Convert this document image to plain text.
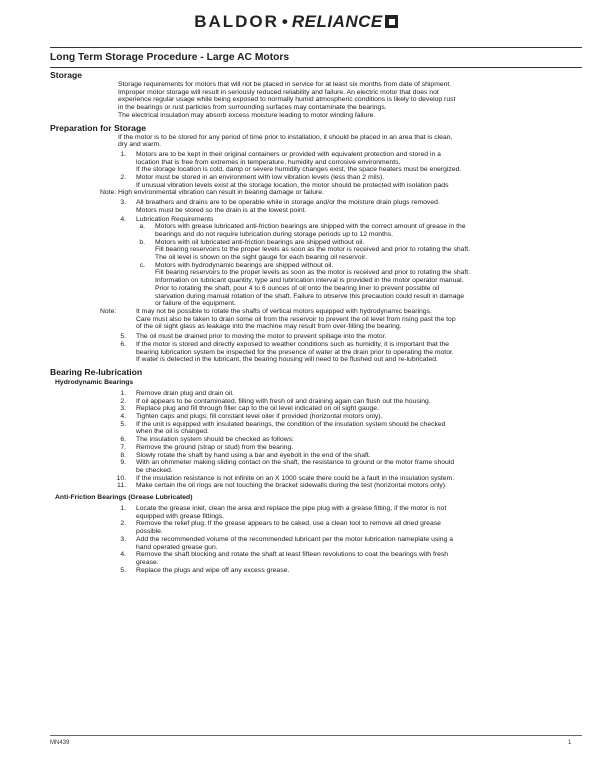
BALDOR • RELIANCE
Long Term Storage Procedure - Large AC Motors
Storage

Storage requirements for motors that will not be placed in service for at least six months from date of shipment.

Improper motor storage will result in seriously reduced reliability and failure. An electric motor that does not

experience regular usage while being exposed to normally humid atmospheric conditions is likely to develop rust

in the bearings or rust particles from surrounding surfaces may contaminate the bearings.

The electrical insulation may absorb excess moisture leading to motor winding failure.

Preparation for Storage

If the motor is to be stored for any period of time prior to installation, it should be placed in an area that is clean,

dry and warm.

1. Motors are to be kept in their original containers or provided with equivalent protection and stored in a
location that is free from extremes in temperature, humidity and corrosive environments.
If the storage location is cold, damp or severe humidity changes exist, the space heaters must be energized.
2. Motor must be stored in an environment with low vibration levels (less than 2 mils).
If unusual vibration levels exist at the storage location, the motor should be protected with isolation pads
Note: High environmental vibration can result in bearing damage or failure.
3. All breathers and drains are to be operable while in storage and/or the moisture drain plugs removed.
Motors must be stored so the drain is at the lowest point.
4. Lubrication Requirements
a. Motors with grease lubricated anti-friction bearings are shipped with the correct amount of grease in the
bearings and do not require lubrication during storage periods up to 12 months.
b. Motors with oil lubricated anti-friction bearings are shipped without oil.
Fill bearing reservoirs to the proper levels as soon as the motor is received and prior to rotating the shaft.
The oil level is shown on the sight gauge for each bearing oil reservoir.
c. Motors with hydrodynamic bearings are shipped without oil.
Fill bearing reservoirs to the proper levels as soon as the motor is received and prior to rotating the shaft.
Information on lubricant quantity, type and lubrication interval is provided in the motor operator manual.
Prior to rotating the shaft, pour 4 to 6 ounces of oil onto the bearing liner to prevent possible oil
starvation during manual rotation of the shaft. Failure to observe this precaution could result in damage
or failure of the equipment.
Note:	It may not be possible to rotate the shafts of vertical motors equipped with hydrodynamic bearings.
Care must also be taken to drain some oil from the reservoir to prevent the oil level from rising past the top
of the oil sight glass as leakage into the machine may result from over-filling the bearing.
5. The oil must be drained prior to moving the motor to prevent spillage into the motor.
6. If the motor is stored and directly exposed to weather conditions such as humidity, it is important that the
bearing lubrication system be inspected for the presence of water at the drain prior to operating the motor.
If water is detected in the lubricant, the bearing housing will need to be flushed out and re-lubricated.
Bearing Re-lubrication
Hydrodynamic Bearings
1. Remove drain plug and drain oil.
2. If oil appears to be contaminated, filling with fresh oil and draining again can flush out the housing.
3. Replace plug and fill through filler cap to the oil level indicated on oil sight gauge.
4. Tighten caps and plugs; fill constant level oiler if provided (horizontal motors only).
5. If the unit is equipped with insulated bearings, the condition of the insulation system should be checked
when the oil is changed.
6. The insulation system should be checked as follows:
7. Remove the ground (strap or stud) from the bearing.
8. Slowly rotate the shaft by hand using a bar and eyebolt in the end of the shaft.
9. With an ohmmeter making sliding contact on the shaft, the resistance to ground or the motor frame should
be checked.
10. If the insulation resistance is not infinite on an X 1000 scale there could be a fault in the insulation system.
11. Make certain the oil rings are not touching the bracket sidewalls during the test (horizontal motors only).
Anti-Friction Bearings (Grease Lubricated)
1. Locate the grease inlet, clean the area and replace the pipe plug with a grease fitting, if the motor is not
equipped with grease fittings.
2. Remove the relief plug. If the grease appears to be caked, use a clean tool to remove all dried grease
possible.
3. Add the recommended volume of the recommended lubricant per the motor lubrication nameplate using a
hand operated grease gun.
4. Remove the shaft blocking and rotate the shaft at least fifteen revolutions to coat the bearings with fresh
grease.
5. Replace the plugs and wipe off any excess grease.
MN439	1
